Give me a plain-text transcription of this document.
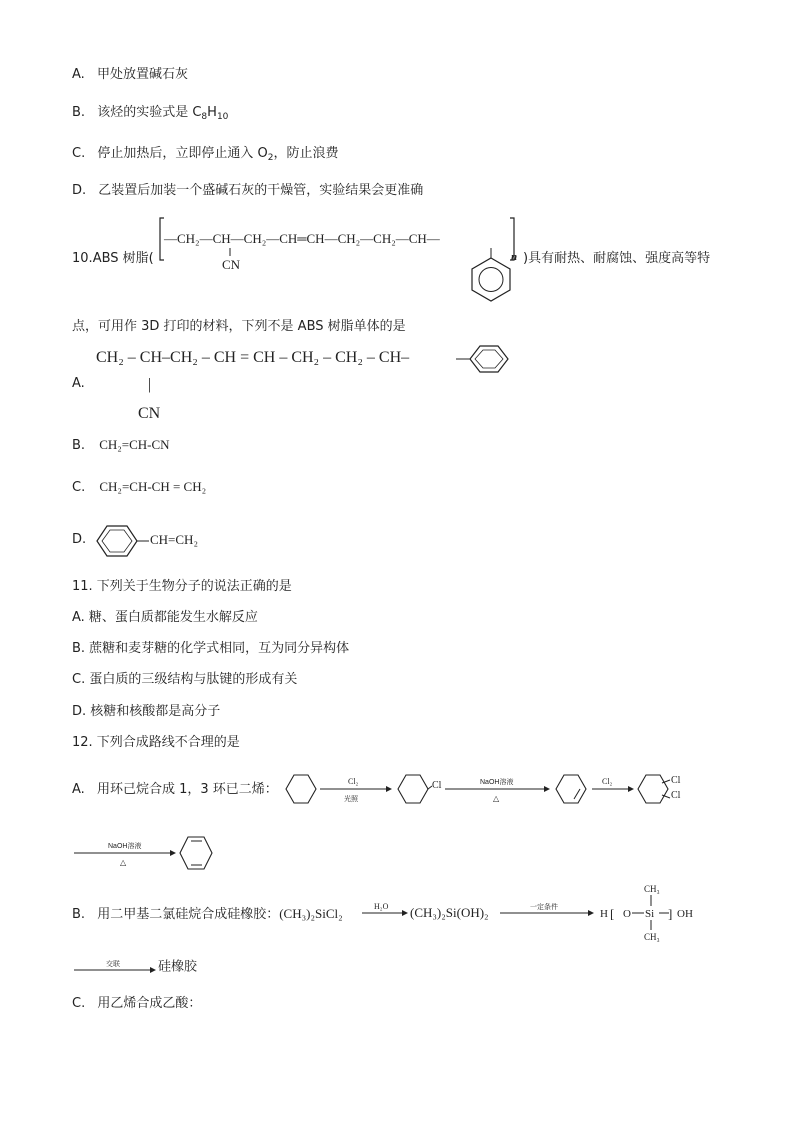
A. 甲处放置碱石灰
B. 该烃的实验式是 $C_8H_{10}$
C. 停止加热后，立即停止通入 $O_2$，防止浪费
D. 乙装置后加装一个盛碱石灰的干燥管，实验结果会更准确
10.ABS 树脂(
—CH₂—CH—CH₂—CH═CH—CH₂—CH₂—CH—
CN	n )具有耐热、耐腐蚀、强度高等特
点，可用作 3D 打印的材料，下列不是 ABS 树脂单体的是
A.
CH₂ – CH–CH₂ – CH = CH – CH₂ – CH₂ – CH–
|
CN
B. CH₂=CH-CN
C. CH₂=CH-CH = CH₂
D.	CH=CH₂
11. 下列关于生物分子的说法正确的是
A. 糖、蛋白质都能发生水解反应
B. 蔗糖和麦芽糖的化学式相同，互为同分异构体
C. 蛋白质的三级结构与肽键的形成有关
D. 核糖和核酸都是高分子
12. 下列合成路线不合理的是
A. 用环己烷合成 1，3 环已二烯：
Cl₂
光照
Cl	NaOH溶液
△
Cl₂	Cl
Cl
NaOH溶液
△
B. 用二甲基二氯硅烷合成硅橡胶：(CH₃)₂SiCl₂	H₂O (CH₃)₂Si(OH)₂	一定条件
H [ O Si
CH₃
CH₃
] OH
交联	硅橡胶
C. 用乙烯合成乙酸：
